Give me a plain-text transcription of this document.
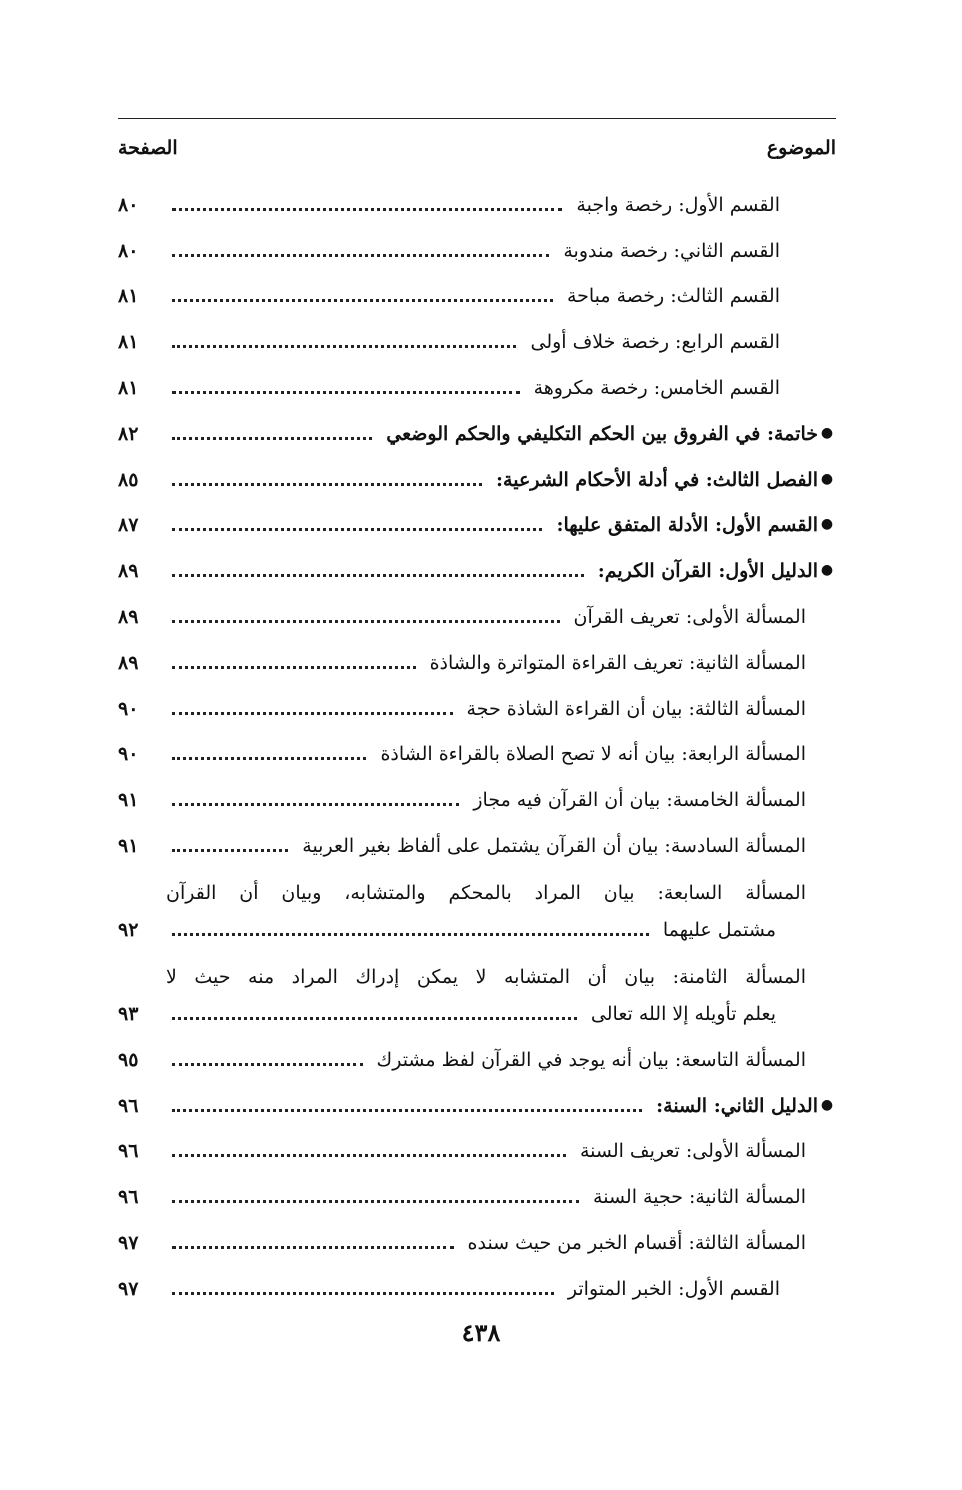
الموضوع
الصفحة
القسم الأول: رخصة واجبة
٨٠
القسم الثاني: رخصة مندوبة
٨٠
القسم الثالث: رخصة مباحة
٨١
القسم الرابع: رخصة خلاف أولى
٨١
القسم الخامس: رخصة مكروهة
٨١
●
خاتمة: في الفروق بين الحكم التكليفي والحكم الوضعي
٨٢
●
الفصل الثالث: في أدلة الأحكام الشرعية:
٨٥
●
القسم الأول: الأدلة المتفق عليها:
٨٧
●
الدليل الأول: القرآن الكريم:
٨٩
المسألة الأولى: تعريف القرآن
٨٩
المسألة الثانية: تعريف القراءة المتواترة والشاذة
٨٩
المسألة الثالثة: بيان أن القراءة الشاذة حجة
٩٠
المسألة الرابعة: بيان أنه لا تصح الصلاة بالقراءة الشاذة
٩٠
المسألة الخامسة: بيان أن القرآن فيه مجاز
٩١
المسألة السادسة: بيان أن القرآن يشتمل على ألفاظ بغير العربية
٩١
المسألة السابعة: بيان المراد بالمحكم والمتشابه، وبيان أن القرآن
مشتمل عليهما
٩٢
المسألة الثامنة: بيان أن المتشابه لا يمكن إدراك المراد منه حيث لا
يعلم تأويله إلا الله تعالى
٩٣
المسألة التاسعة: بيان أنه يوجد في القرآن لفظ مشترك
٩٥
●
الدليل الثاني: السنة:
٩٦
المسألة الأولى: تعريف السنة
٩٦
المسألة الثانية: حجية السنة
٩٦
المسألة الثالثة: أقسام الخبر من حيث سنده
٩٧
القسم الأول: الخبر المتواتر
٩٧
٤٣٨
